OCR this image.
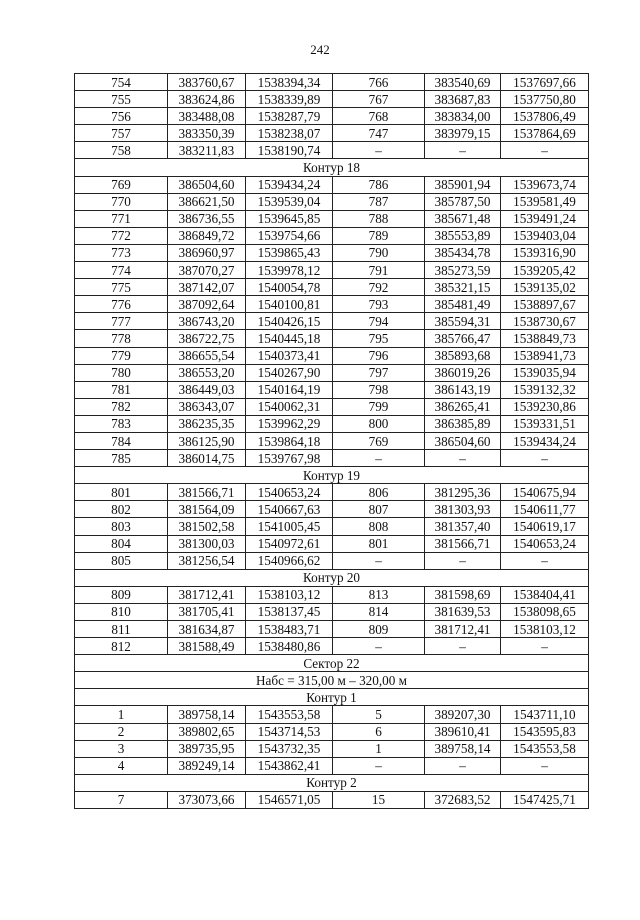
242
754	383760,67	1538394,34	766	383540,69	1537697,66
755	383624,86	1538339,89	767	383687,83	1537750,80
756	383488,08	1538287,79	768	383834,00	1537806,49
757	383350,39	1538238,07	747	383979,15	1537864,69
758	383211,83	1538190,74	–	–	–
Контур 18					
769	386504,60	1539434,24	786	385901,94	1539673,74
770	386621,50	1539539,04	787	385787,50	1539581,49
771	386736,55	1539645,85	788	385671,48	1539491,24
772	386849,72	1539754,66	789	385553,89	1539403,04
773	386960,97	1539865,43	790	385434,78	1539316,90
774	387070,27	1539978,12	791	385273,59	1539205,42
775	387142,07	1540054,78	792	385321,15	1539135,02
776	387092,64	1540100,81	793	385481,49	1538897,67
777	386743,20	1540426,15	794	385594,31	1538730,67
778	386722,75	1540445,18	795	385766,47	1538849,73
779	386655,54	1540373,41	796	385893,68	1538941,73
780	386553,20	1540267,90	797	386019,26	1539035,94
781	386449,03	1540164,19	798	386143,19	1539132,32
782	386343,07	1540062,31	799	386265,41	1539230,86
783	386235,35	1539962,29	800	386385,89	1539331,51
784	386125,90	1539864,18	769	386504,60	1539434,24
785	386014,75	1539767,98	–	–	–
Контур 19					
801	381566,71	1540653,24	806	381295,36	1540675,94
802	381564,09	1540667,63	807	381303,93	1540611,77
803	381502,58	1541005,45	808	381357,40	1540619,17
804	381300,03	1540972,61	801	381566,71	1540653,24
805	381256,54	1540966,62	–	–	–
Контур 20					
809	381712,41	1538103,12	813	381598,69	1538404,41
810	381705,41	1538137,45	814	381639,53	1538098,65
811	381634,87	1538483,71	809	381712,41	1538103,12
812	381588,49	1538480,86	–	–	–
Сектор 22					
Набс = 315,00 м – 320,00 м					
Контур 1					
1	389758,14	1543553,58	5	389207,30	1543711,10
2	389802,65	1543714,53	6	389610,41	1543595,83
3	389735,95	1543732,35	1	389758,14	1543553,58
4	389249,14	1543862,41	–	–	–
Контур 2					
7	373073,66	1546571,05	15	372683,52	1547425,71
